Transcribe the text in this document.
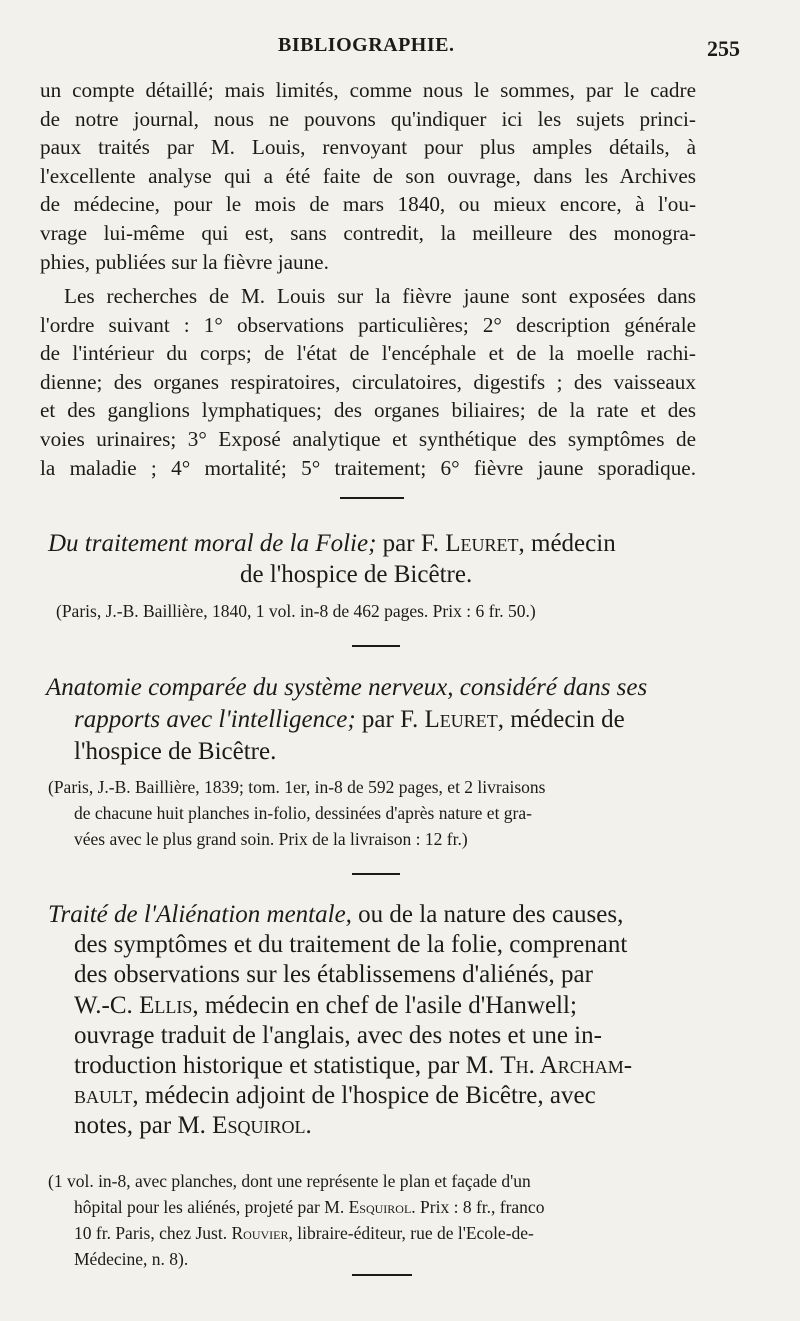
BIBLIOGRAPHIE.	255
un compte détaillé; mais limités, comme nous le sommes, par le cadre
de notre journal, nous ne pouvons qu'indiquer ici les sujets princi-
paux traités par M. Louis, renvoyant pour plus amples détails, à
l'excellente analyse qui a été faite de son ouvrage, dans les Archives
de médecine, pour le mois de mars 1840, ou mieux encore, à l'ou-
vrage lui-même qui est, sans contredit, la meilleure des monogra-
phies, publiées sur la fièvre jaune.
Les recherches de M. Louis sur la fièvre jaune sont exposées dans
l'ordre suivant : 1° observations particulières; 2° description générale
de l'intérieur du corps; de l'état de l'encéphale et de la moelle rachi-
dienne; des organes respiratoires, circulatoires, digestifs ; des vaisseaux
et des ganglions lymphatiques; des organes biliaires; de la rate et des
voies urinaires; 3° Exposé analytique et synthétique des symptômes de
la maladie ; 4° mortalité; 5° traitement; 6° fièvre jaune sporadique.
Du traitement moral de la Folie; par F. Leuret, médecin
de l'hospice de Bicêtre.
(Paris, J.-B. Baillière, 1840, 1 vol. in-8 de 462 pages. Prix : 6 fr. 50.)
Anatomie comparée du système nerveux, considéré dans ses
rapports avec l'intelligence; par F. Leuret, médecin de
l'hospice de Bicêtre.
(Paris, J.-B. Baillière, 1839; tom. 1er, in-8 de 592 pages, et 2 livraisons
de chacune huit planches in-folio, dessinées d'après nature et gra-
vées avec le plus grand soin. Prix de la livraison : 12 fr.)
Traité de l'Aliénation mentale, ou de la nature des causes,
des symptômes et du traitement de la folie, comprenant
des observations sur les établissemens d'aliénés, par
W.-C. Ellis, médecin en chef de l'asile d'Hanwell;
ouvrage traduit de l'anglais, avec des notes et une in-
troduction historique et statistique, par M. Th. Archam-
bault, médecin adjoint de l'hospice de Bicêtre, avec
notes, par M. Esquirol.
(1 vol. in-8, avec planches, dont une représente le plan et façade d'un
hôpital pour les aliénés, projeté par M. Esquirol. Prix : 8 fr., franco
10 fr. Paris, chez Just. Rouvier, libraire-éditeur, rue de l'Ecole-de-
Médecine, n. 8).
